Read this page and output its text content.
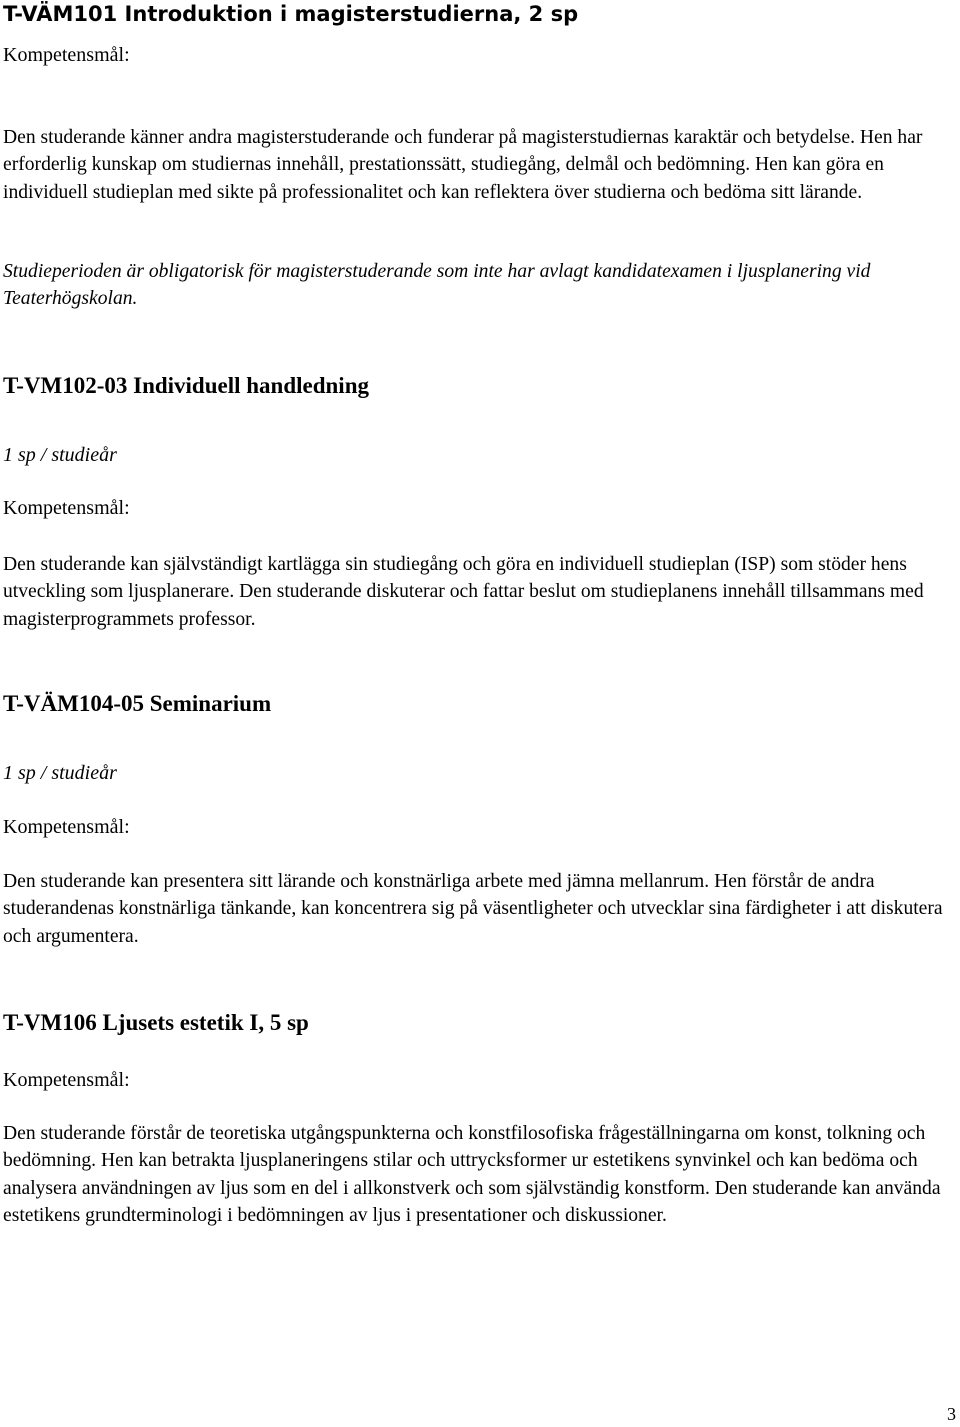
T-VÄM101 Introduktion i magisterstudierna, 2 sp
Kompetensmål:

Den studerande känner andra magisterstuderande och funderar på magisterstudiernas karaktär och betydelse. Hen har erforderlig kunskap om studiernas innehåll, prestationssätt, studiegång, delmål och bedömning. Hen kan göra en individuell studieplan med sikte på professionalitet och kan reflektera över studierna och bedöma sitt lärande.

Studieperioden är obligatorisk för magisterstuderande som inte har avlagt kandidatexamen i ljusplanering vid Teaterhögskolan.

T-VM102-03 Individuell handledning
1 sp / studieår
Kompetensmål:

Den studerande kan självständigt kartlägga sin studiegång och göra en individuell studieplan (ISP) som stöder hens utveckling som ljusplanerare. Den studerande diskuterar och fattar beslut om studieplanens innehåll tillsammans med magisterprogrammets professor.

T-VÄM104-05 Seminarium
1 sp / studieår
Kompetensmål:

Den studerande kan presentera sitt lärande och konstnärliga arbete med jämna mellanrum. Hen förstår de andra studerandenas konstnärliga tänkande, kan koncentrera sig på väsentligheter och utvecklar sina färdigheter i att diskutera och argumentera.

T-VM106 Ljusets estetik I, 5 sp
Kompetensmål:

Den studerande förstår de teoretiska utgångspunkterna och konstfilosofiska frågeställningarna om konst, tolkning och bedömning. Hen kan betrakta ljusplaneringens stilar och uttrycksformer ur estetikens synvinkel och kan bedöma och analysera användningen av ljus som en del i allkonstverk och som självständig konstform. Den studerande kan använda estetikens grundterminologi i bedömningen av ljus i presentationer och diskussioner.

3
